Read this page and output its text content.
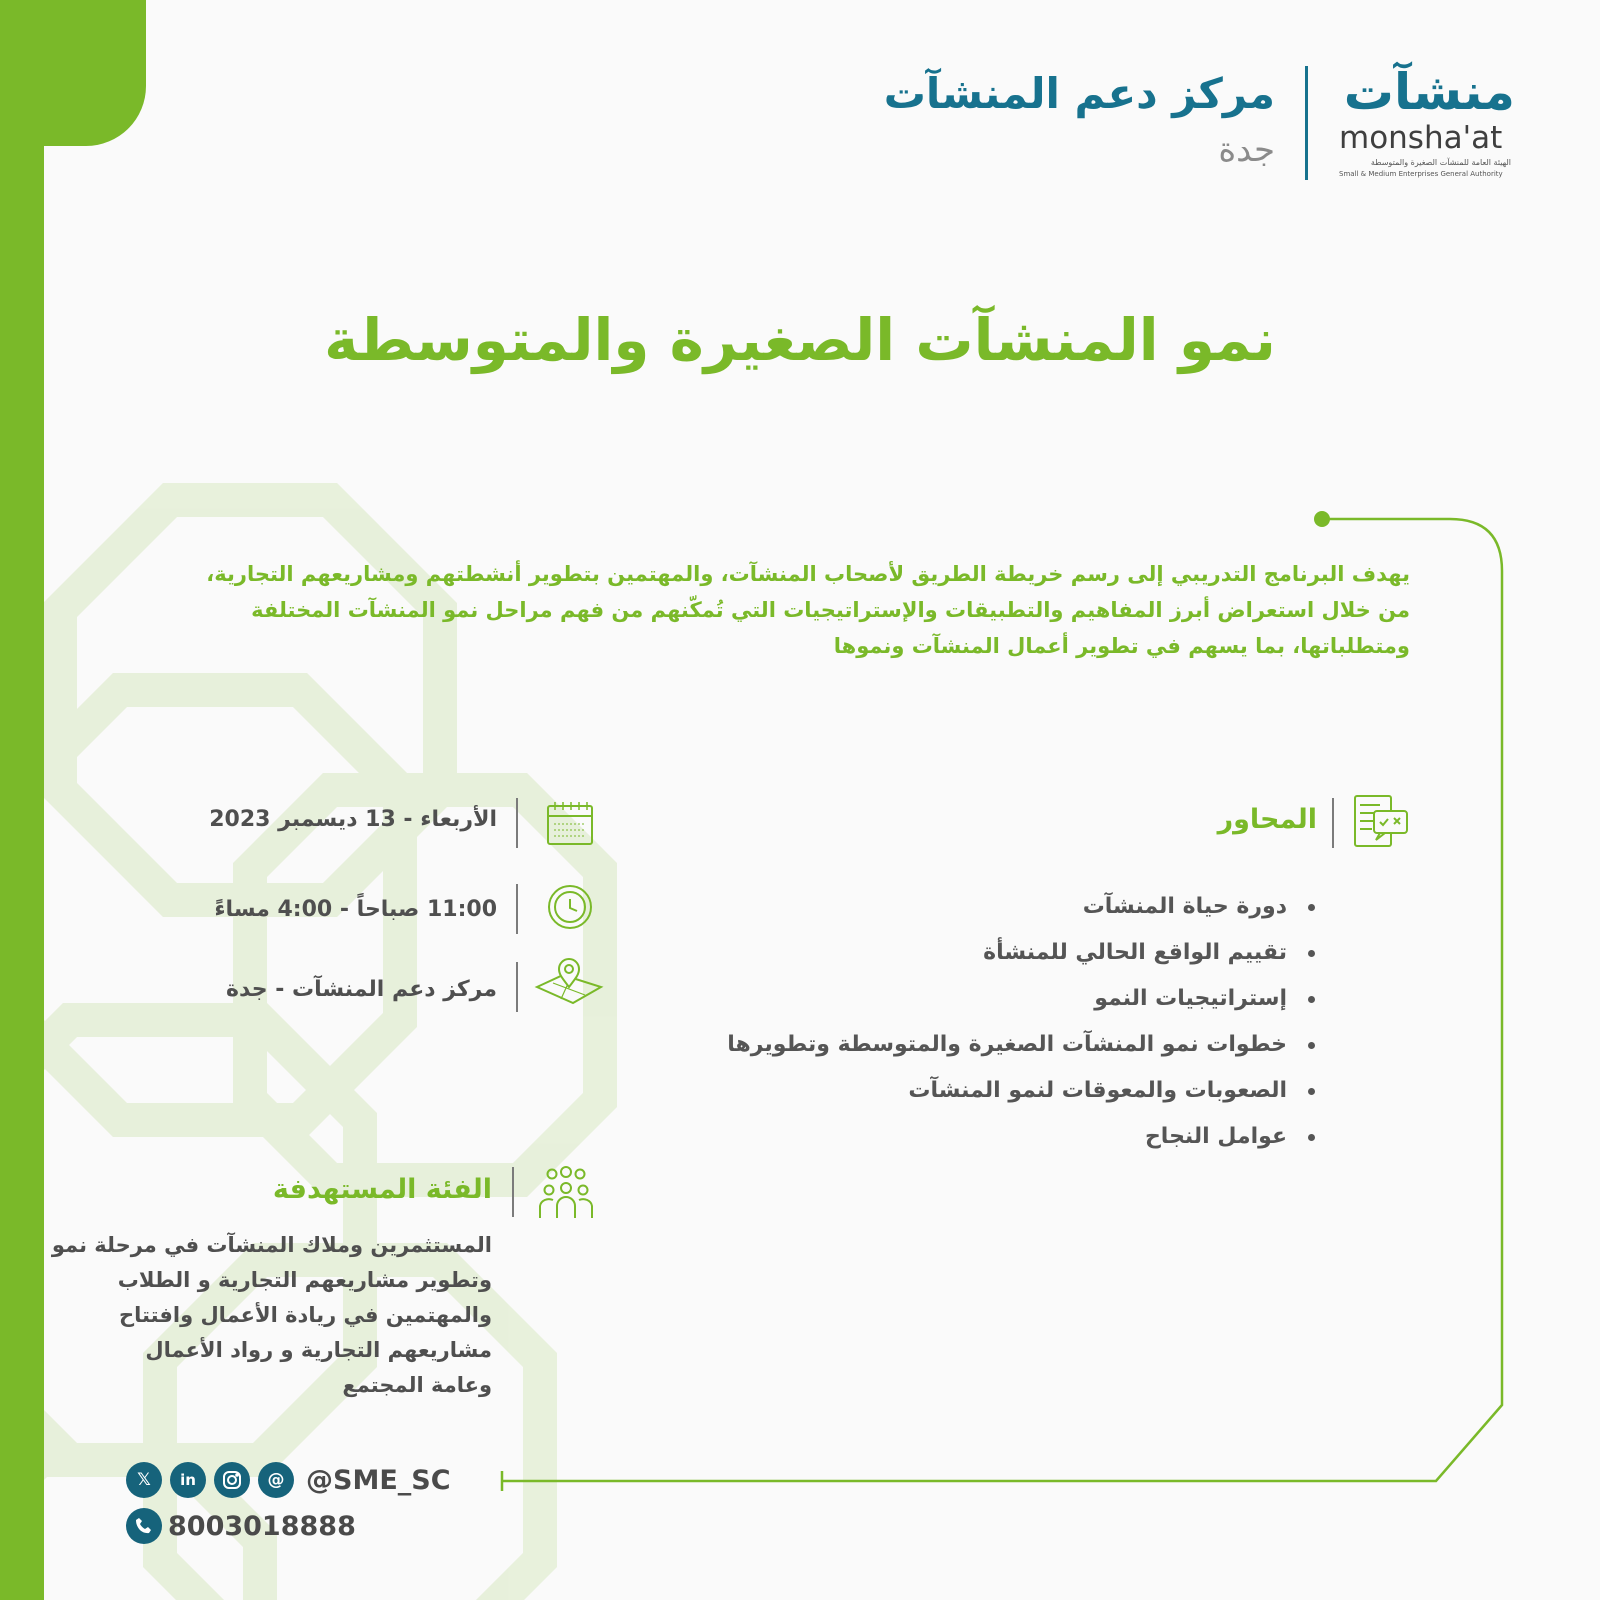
منشآت
monsha'at
الهيئة العامة للمنشآت الصغيرة والمتوسطة
Small & Medium Enterprises General Authority
مركز دعم المنشآت
جدة
نمو المنشآت الصغيرة والمتوسطة
يهدف البرنامج التدريبي إلى رسم خريطة الطريق لأصحاب المنشآت، والمهتمين بتطوير أنشطتهم ومشاريعهم التجارية،
من خلال استعراض أبرز المفاهيم والتطبيقات والإستراتيجيات التي تُمكّنهم من فهم مراحل نمو المنشآت المختلفة
ومتطلباتها، بما يسهم في تطوير أعمال المنشآت ونموها
المحاور
دورة حياة المنشآت
تقييم الواقع الحالي للمنشأة
إستراتيجيات النمو
خطوات نمو المنشآت الصغيرة والمتوسطة وتطويرها
الصعوبات والمعوقات لنمو المنشآت
عوامل النجاح
الأربعاء - 13 ديسمبر 2023
11:00 صباحاً - 4:00 مساءً
مركز دعم المنشآت - جدة
الفئة المستهدفة
المستثمرين وملاك المنشآت في مرحلة نمو
وتطوير مشاريعهم التجارية و الطلاب
والمهتمين في ريادة الأعمال وافتتاح
مشاريعهم التجارية و رواد الأعمال
وعامة المجتمع
𝕏	in	@ @SME_SC
8003018888
